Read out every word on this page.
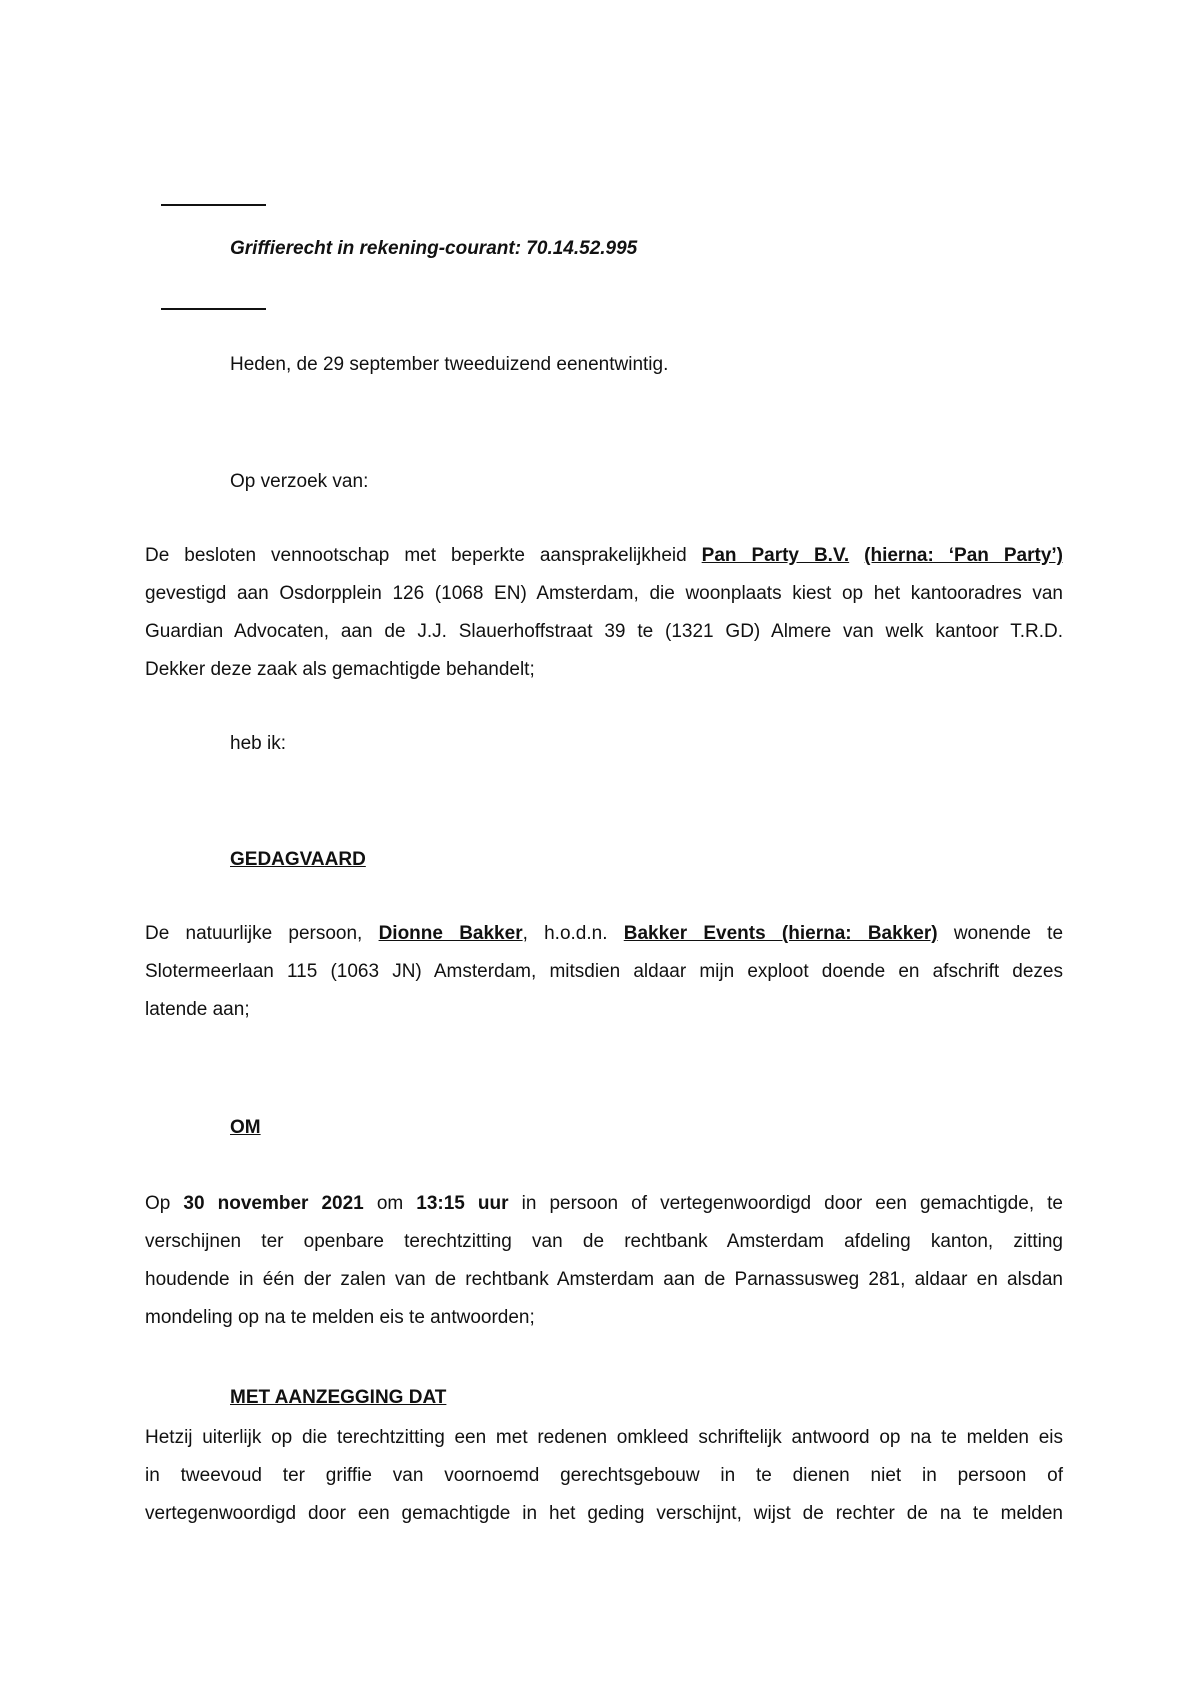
Griffierecht in rekening-courant: 70.14.52.995
Heden, de 29 september tweeduizend eenentwintig.
Op verzoek van:
De besloten vennootschap met beperkte aansprakelijkheid Pan Party B.V. (hierna: ‘Pan Party’)
gevestigd aan Osdorpplein 126 (1068 EN) Amsterdam, die woonplaats kiest op het kantooradres van
Guardian Advocaten, aan de J.J. Slauerhoffstraat 39 te (1321 GD) Almere van welk kantoor T.R.D.
Dekker deze zaak als gemachtigde behandelt;
heb ik:
GEDAGVAARD
De natuurlijke persoon, Dionne Bakker, h.o.d.n. Bakker Events (hierna: Bakker) wonende te
Slotermeerlaan 115 (1063 JN) Amsterdam, mitsdien aldaar mijn exploot doende en afschrift dezes
latende aan;
OM
Op 30 november 2021 om 13:15 uur in persoon of vertegenwoordigd door een gemachtigde, te
verschijnen ter openbare terechtzitting van de rechtbank Amsterdam afdeling kanton, zitting
houdende in één der zalen van de rechtbank Amsterdam aan de Parnassusweg 281, aldaar en alsdan
mondeling op na te melden eis te antwoorden;
MET AANZEGGING DAT
Hetzij uiterlijk op die terechtzitting een met redenen omkleed schriftelijk antwoord op na te melden eis
in tweevoud ter griffie van voornoemd gerechtsgebouw in te dienen niet in persoon of
vertegenwoordigd door een gemachtigde in het geding verschijnt, wijst de rechter de na te melden
